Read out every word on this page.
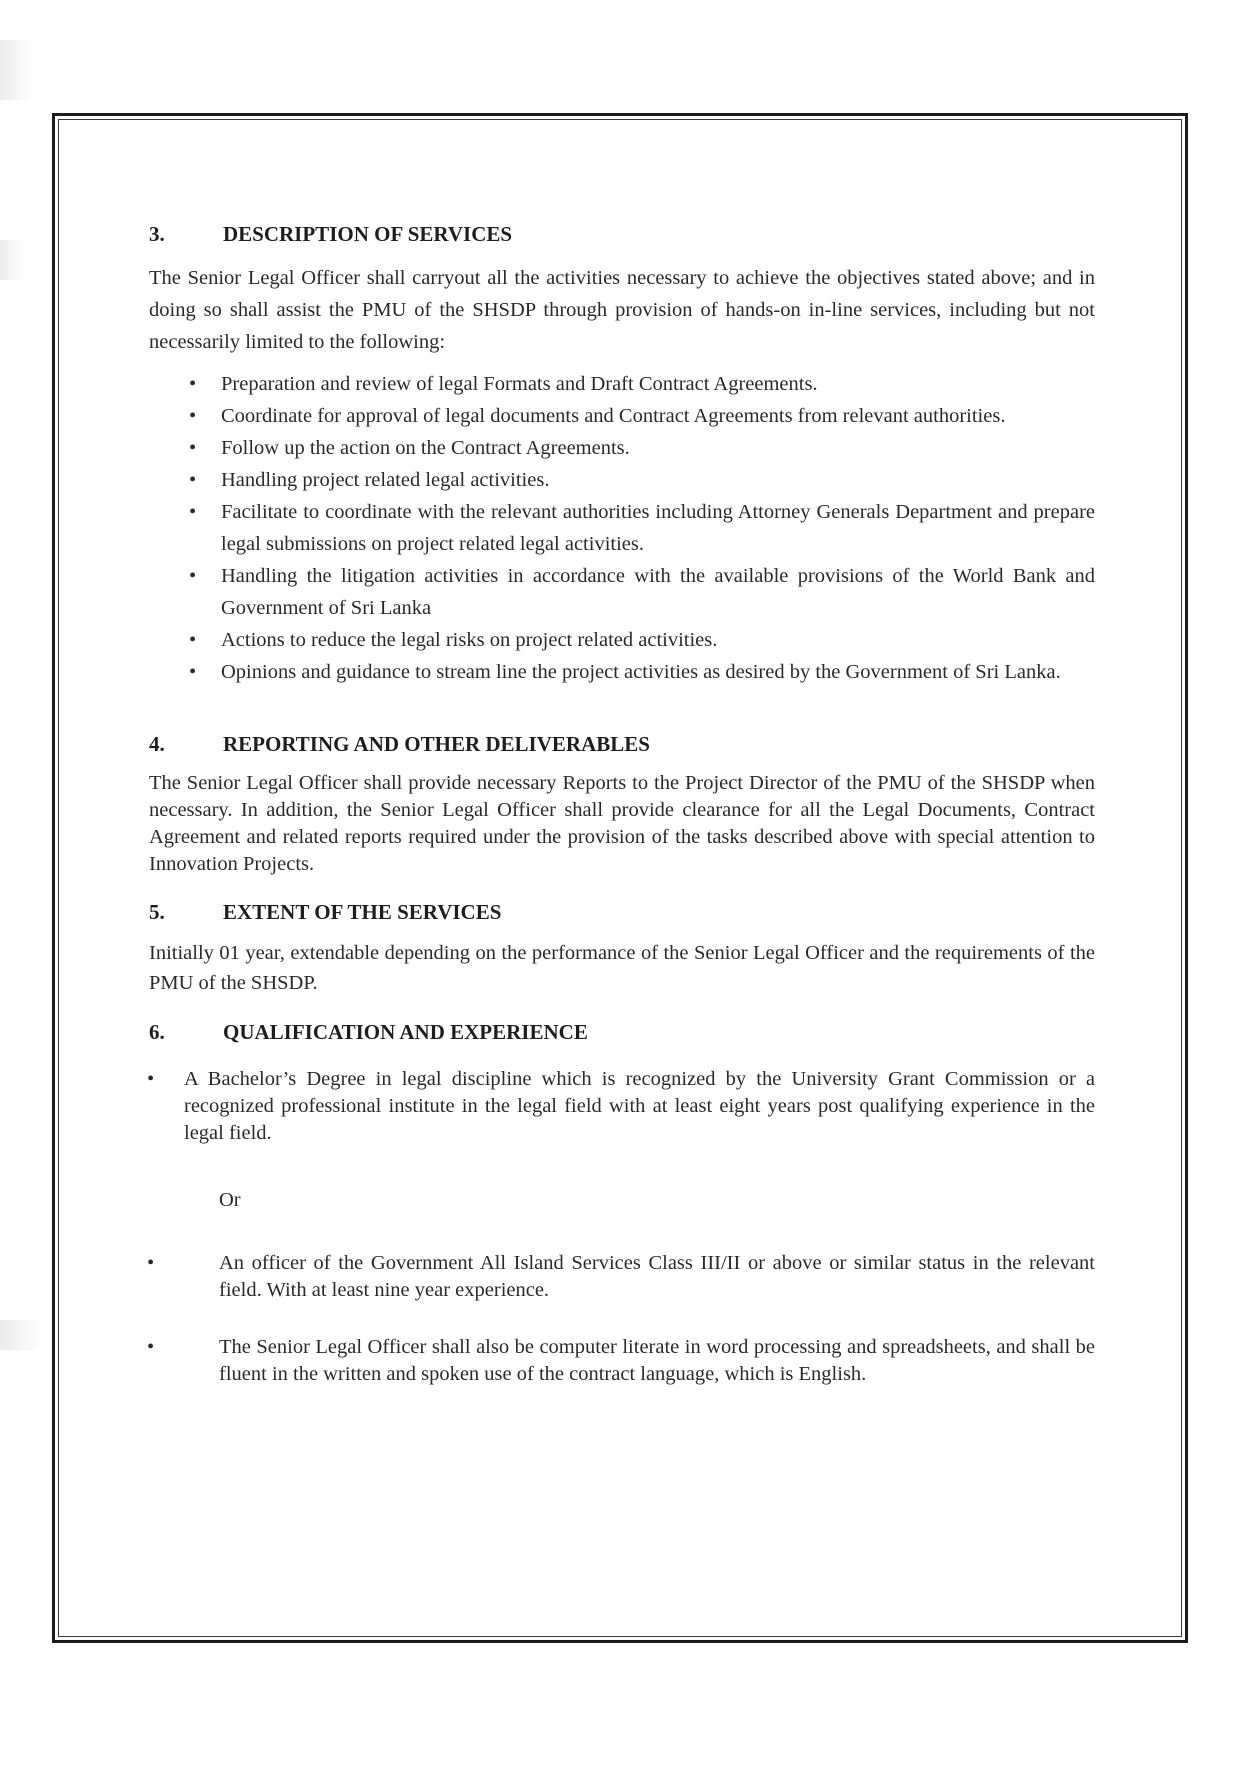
3.	DESCRIPTION OF SERVICES

The Senior Legal Officer shall carryout all the activities necessary to achieve the objectives stated above; and in doing so shall assist the PMU of the SHSDP through provision of hands-on in-line services, including but not necessarily limited to the following:

• Preparation and review of legal Formats and Draft Contract Agreements.
• Coordinate for approval of legal documents and Contract Agreements from relevant authorities.
• Follow up the action on the Contract Agreements.
• Handling project related legal activities.
• Facilitate to coordinate with the relevant authorities including Attorney Generals Department and prepare legal submissions on project related legal activities.
• Handling the litigation activities in accordance with the available provisions of the World Bank and Government of Sri Lanka
• Actions to reduce the legal risks on project related activities.
• Opinions and guidance to stream line the project activities as desired by the Government of Sri Lanka.
4.	REPORTING AND OTHER DELIVERABLES

The Senior Legal Officer shall provide necessary Reports to the Project Director of the PMU of the SHSDP when necessary. In addition, the Senior Legal Officer shall provide clearance for all the Legal Documents, Contract Agreement and related reports required under the provision of the tasks described above with special attention to Innovation Projects.

5.	EXTENT OF THE SERVICES

Initially 01 year, extendable depending on the performance of the Senior Legal Officer and the requirements of the PMU of the SHSDP.

6.	QUALIFICATION AND EXPERIENCE
• A Bachelor’s Degree in legal discipline which is recognized by the University Grant Commission or a recognized professional institute in the legal field with at least eight years post qualifying experience in the legal field.
Or
•	An officer of the Government All Island Services Class III/II or above or similar status in the relevant field. With at least nine year experience.
•	The Senior Legal Officer shall also be computer literate in word processing and spreadsheets, and shall be fluent in the written and spoken use of the contract language, which is English.
